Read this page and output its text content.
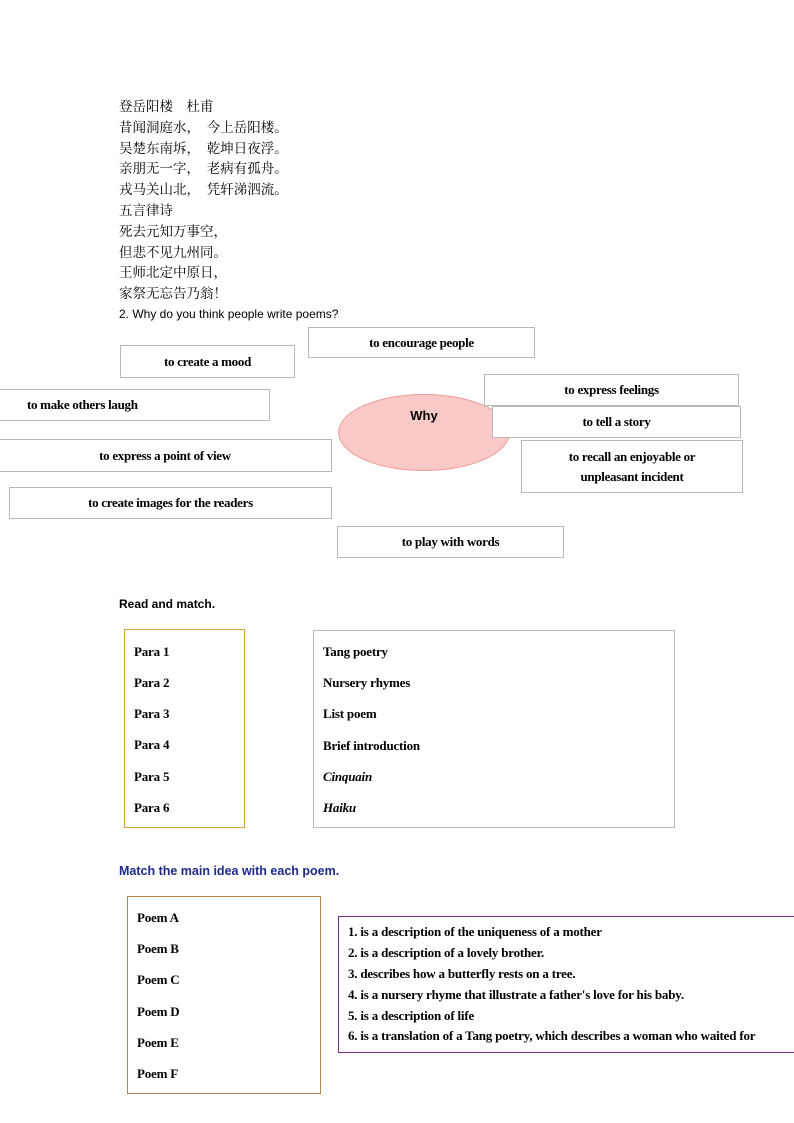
登岳阳楼　杜甫
昔闻洞庭水，　今上岳阳楼。
吴楚东南坼，　乾坤日夜浮。
亲朋无一字，　老病有孤舟。
戎马关山北，　凭轩涕泗流。
五言律诗
死去元知万事空，
但悲不见九州同。
王师北定中原日，
家祭无忘告乃翁！
2. Why do you think people write poems?
Why
to encourage people
to create a mood
to express feelings
to make others laugh
to tell a story
to express a point of view	to recall an enjoyable or
unpleasant incident
to create images for the readers
to play with words
Read and match.
Para 1
Para 2
Para 3
Para 4
Para 5
Para 6
Tang poetry
Nursery rhymes
List poem
Brief introduction
Cinquain
Haiku
Match the main idea with each poem.
Poem A
Poem B
Poem C
Poem D
Poem E
Poem F
1. is a description of the uniqueness of a mother
2. is a description of a lovely brother.
3. describes how a butterfly rests on a tree.
4. is a nursery rhyme that illustrate a father's love for his baby.
5. is a description of life
6. is a translation of a Tang poetry, which describes a woman who waited for
